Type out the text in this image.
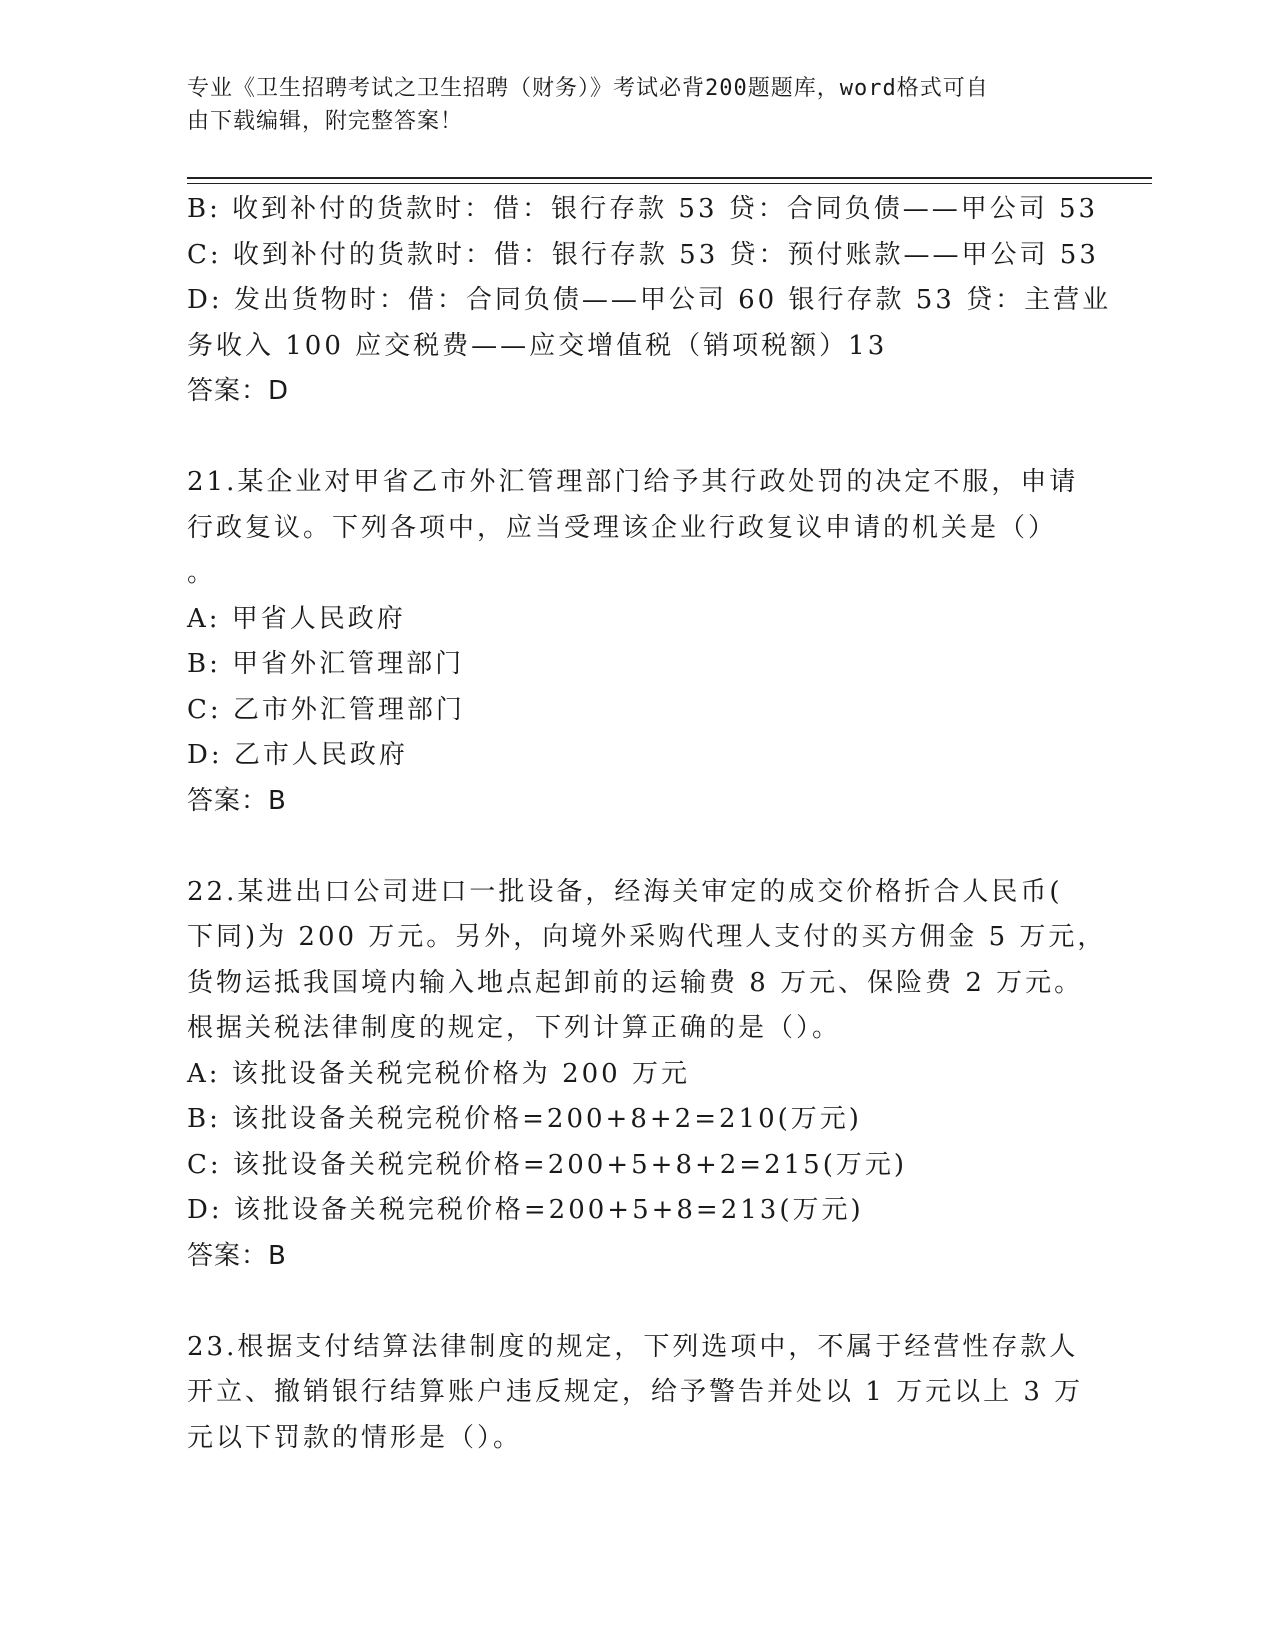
专业《卫生招聘考试之卫生招聘（财务）》考试必背200题题库，word格式可自
由下载编辑，附完整答案！
B: 收到补付的货款时：借：银行存款 53 贷：合同负债——甲公司 53
C: 收到补付的货款时：借：银行存款 53 贷：预付账款——甲公司 53
D: 发出货物时：借：合同负债——甲公司 60 银行存款 53 贷：主营业
务收入 100 应交税费——应交增值税（销项税额）13
答案：D
21.某企业对甲省乙市外汇管理部门给予其行政处罚的决定不服，申请
行政复议。下列各项中，应当受理该企业行政复议申请的机关是（）
。
A: 甲省人民政府
B: 甲省外汇管理部门
C: 乙市外汇管理部门
D: 乙市人民政府
答案：B
22.某进出口公司进口一批设备，经海关审定的成交价格折合人民币(
下同)为 200 万元。另外，向境外采购代理人支付的买方佣金 5 万元，
货物运抵我国境内输入地点起卸前的运输费 8 万元、保险费 2 万元。
根据关税法律制度的规定，下列计算正确的是（）。
A: 该批设备关税完税价格为 200 万元
B: 该批设备关税完税价格=200+8+2=210(万元)
C: 该批设备关税完税价格=200+5+8+2=215(万元)
D: 该批设备关税完税价格=200+5+8=213(万元)
答案：B
23.根据支付结算法律制度的规定，下列选项中，不属于经营性存款人
开立、撤销银行结算账户违反规定，给予警告并处以 1 万元以上 3 万
元以下罚款的情形是（）。
